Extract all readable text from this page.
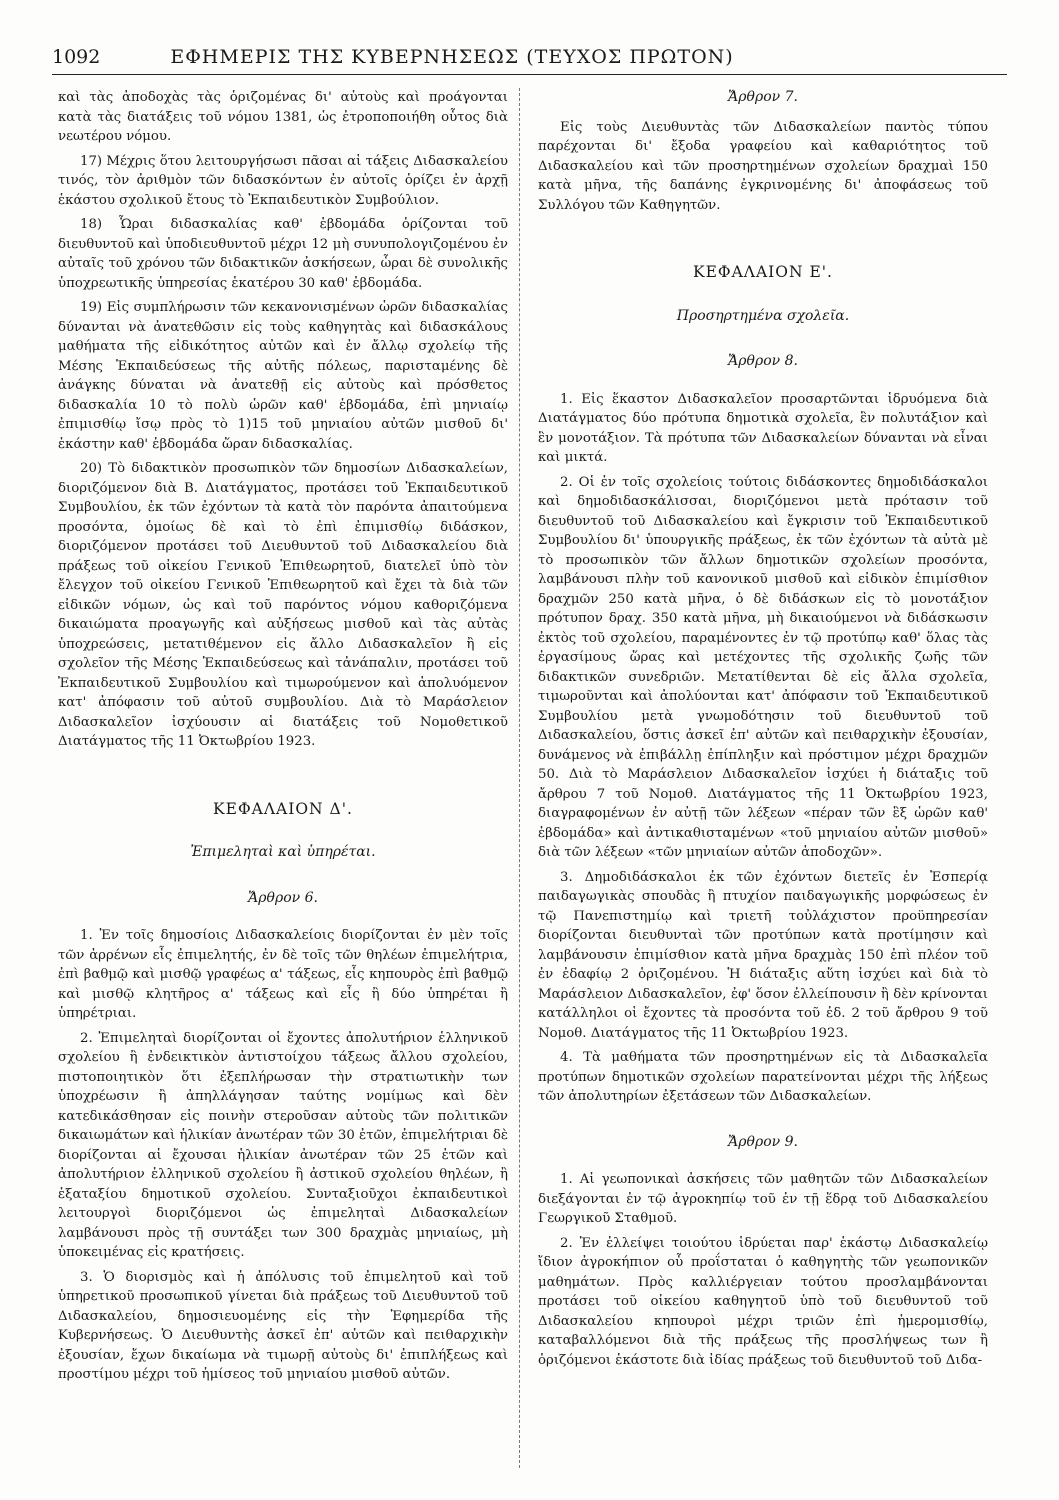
1092	ΕΦΗΜΕΡΙΣ ΤΗΣ ΚΥΒΕΡΝΗΣΕΩΣ (ΤΕΥΧΟΣ ΠΡΩΤΟΝ)

καὶ τὰς ἀποδοχὰς τὰς ὁριζομένας δι' αὐτοὺς καὶ προάγονται κατὰ τὰς διατάξεις τοῦ νόμου 1381, ὡς ἐτροποποιήθη οὗτος διὰ νεωτέρου νόμου.

17) Μέχρις ὅτου λειτουργήσωσι πᾶσαι αἱ τάξεις Διδασκαλείου τινός, τὸν ἀριθμὸν τῶν διδασκόντων ἐν αὐτοῖς ὁρίζει ἐν ἀρχῇ ἑκάστου σχολικοῦ ἔτους τὸ Ἐκπαιδευτικὸν Συμβούλιον.

18) Ὧραι διδασκαλίας καθ' ἑβδομάδα ὁρίζονται τοῦ διευθυντοῦ καὶ ὑποδιευθυντοῦ μέχρι 12 μὴ συνυπολογιζομένου ἐν αὐταῖς τοῦ χρόνου τῶν διδακτικῶν ἀσκήσεων, ὧραι δὲ συνολικῆς ὑποχρεωτικῆς ὑπηρεσίας ἑκατέρου 30 καθ' ἑβδομάδα.

19) Εἰς συμπλήρωσιν τῶν κεκανονισμένων ὡρῶν διδασκαλίας δύνανται νὰ ἀνατεθῶσιν εἰς τοὺς καθηγητὰς καὶ διδασκάλους μαθήματα τῆς εἰδικότητος αὐτῶν καὶ ἐν ἄλλῳ σχολείῳ τῆς Μέσης Ἐκπαιδεύσεως τῆς αὐτῆς πόλεως, παρισταμένης δὲ ἀνάγκης δύναται νὰ ἀνατεθῇ εἰς αὐτοὺς καὶ πρόσθετος διδασκαλία 10 τὸ πολὺ ὡρῶν καθ' ἑβδομάδα, ἐπὶ μηνιαίῳ ἐπιμισθίῳ ἴσῳ πρὸς τὸ 1)15 τοῦ μηνιαίου αὐτῶν μισθοῦ δι' ἑκάστην καθ' ἑβδομάδα ὥραν διδασκαλίας.

20) Τὸ διδακτικὸν προσωπικὸν τῶν δημοσίων Διδασκαλείων, διοριζόμενον διὰ Β. Διατάγματος, προτάσει τοῦ Ἐκπαιδευτικοῦ Συμβουλίου, ἐκ τῶν ἐχόντων τὰ κατὰ τὸν παρόντα ἀπαιτούμενα προσόντα, ὁμοίως δὲ καὶ τὸ ἐπὶ ἐπιμισθίῳ διδάσκον, διοριζόμενον προτάσει τοῦ Διευθυντοῦ τοῦ Διδασκαλείου διὰ πράξεως τοῦ οἰκείου Γενικοῦ Ἐπιθεωρητοῦ, διατελεῖ ὑπὸ τὸν ἔλεγχον τοῦ οἰκείου Γενικοῦ Ἐπιθεωρητοῦ καὶ ἔχει τὰ διὰ τῶν εἰδικῶν νόμων, ὡς καὶ τοῦ παρόντος νόμου καθοριζόμενα δικαιώματα προαγωγῆς καὶ αὐξήσεως μισθοῦ καὶ τὰς αὐτὰς ὑποχρεώσεις, μετατιθέμενον εἰς ἄλλο Διδασκαλεῖον ἢ εἰς σχολεῖον τῆς Μέσης Ἐκπαιδεύσεως καὶ τἀνάπαλιν, προτάσει τοῦ Ἐκπαιδευτικοῦ Συμβουλίου καὶ τιμωρούμενον καὶ ἀπολυόμενον κατ' ἀπόφασιν τοῦ αὐτοῦ συμβουλίου. Διὰ τὸ Μαράσλειον Διδασκαλεῖον ἰσχύουσιν αἱ διατάξεις τοῦ Νομοθετικοῦ Διατάγματος τῆς 11 Ὀκτωβρίου 1923.

ΚΕΦΑΛΑΙΟΝ Δ'.
Ἐπιμεληταὶ καὶ ὑπηρέται.
Ἄρθρον 6.

1. Ἐν τοῖς δημοσίοις Διδασκαλείοις διορίζονται ἐν μὲν τοῖς τῶν ἀρρένων εἷς ἐπιμελητής, ἐν δὲ τοῖς τῶν θηλέων ἐπιμελήτρια, ἐπὶ βαθμῷ καὶ μισθῷ γραφέως α' τάξεως, εἷς κηπουρὸς ἐπὶ βαθμῷ καὶ μισθῷ κλητῆρος α' τάξεως καὶ εἷς ἢ δύο ὑπηρέται ἢ ὑπηρέτριαι.

2. Ἐπιμεληταὶ διορίζονται οἱ ἔχοντες ἀπολυτήριον ἑλληνικοῦ σχολείου ἢ ἐνδεικτικὸν ἀντιστοίχου τάξεως ἄλλου σχολείου, πιστοποιητικὸν ὅτι ἐξεπλήρωσαν τὴν στρατιωτικὴν των ὑποχρέωσιν ἢ ἀπηλλάγησαν ταύτης νομίμως καὶ δὲν κατεδικάσθησαν εἰς ποινὴν στεροῦσαν αὐτοὺς τῶν πολιτικῶν δικαιωμάτων καὶ ἡλικίαν ἀνωτέραν τῶν 30 ἐτῶν, ἐπιμελήτριαι δὲ διορίζονται αἱ ἔχουσαι ἡλικίαν ἀνωτέραν τῶν 25 ἐτῶν καὶ ἀπολυτήριον ἑλληνικοῦ σχολείου ἢ ἀστικοῦ σχολείου θηλέων, ἢ ἑξαταξίου δημοτικοῦ σχολείου. Συνταξιοῦχοι ἐκπαιδευτικοὶ λειτουργοὶ διοριζόμενοι ὡς ἐπιμεληταὶ Διδασκαλείων λαμβάνουσι πρὸς τῇ συντάξει των 300 δραχμὰς μηνιαίως, μὴ ὑποκειμένας εἰς κρατήσεις.

3. Ὁ διορισμὸς καὶ ἡ ἀπόλυσις τοῦ ἐπιμελητοῦ καὶ τοῦ ὑπηρετικοῦ προσωπικοῦ γίνεται διὰ πράξεως τοῦ Διευθυντοῦ τοῦ Διδασκαλείου, δημοσιευομένης εἰς τὴν Ἐφημερίδα τῆς Κυβερνήσεως. Ὁ Διευθυντὴς ἀσκεῖ ἐπ' αὐτῶν καὶ πειθαρχικὴν ἐξουσίαν, ἔχων δικαίωμα νὰ τιμωρῇ αὐτοὺς δι' ἐπιπλήξεως καὶ προστίμου μέχρι τοῦ ἡμίσεος τοῦ μηνιαίου μισθοῦ αὐτῶν.

Ἄρθρον 7.

Εἰς τοὺς Διευθυντὰς τῶν Διδασκαλείων παντὸς τύπου παρέχονται δι' ἔξοδα γραφείου καὶ καθαριότητος τοῦ Διδασκαλείου καὶ τῶν προσηρτημένων σχολείων δραχμαὶ 150 κατὰ μῆνα, τῆς δαπάνης ἐγκρινομένης δι' ἀποφάσεως τοῦ Συλλόγου τῶν Καθηγητῶν.

ΚΕΦΑΛΑΙΟΝ Ε'.
Προσηρτημένα σχολεῖα.
Ἄρθρον 8.

1. Εἰς ἕκαστον Διδασκαλεῖον προσαρτῶνται ἱδρυόμενα διὰ Διατάγματος δύο πρότυπα δημοτικὰ σχολεῖα, ἓν πολυτάξιον καὶ ἓν μονοτάξιον. Τὰ πρότυπα τῶν Διδασκαλείων δύνανται νὰ εἶναι καὶ μικτά.

2. Οἱ ἐν τοῖς σχολείοις τούτοις διδάσκοντες δημοδιδάσκαλοι καὶ δημοδιδασκάλισσαι, διοριζόμενοι μετὰ πρότασιν τοῦ διευθυντοῦ τοῦ Διδασκαλείου καὶ ἔγκρισιν τοῦ Ἐκπαιδευτικοῦ Συμβουλίου δι' ὑπουργικῆς πράξεως, ἐκ τῶν ἐχόντων τὰ αὐτὰ μὲ τὸ προσωπικὸν τῶν ἄλλων δημοτικῶν σχολείων προσόντα, λαμβάνουσι πλὴν τοῦ κανονικοῦ μισθοῦ καὶ εἰδικὸν ἐπιμίσθιον δραχμῶν 250 κατὰ μῆνα, ὁ δὲ διδάσκων εἰς τὸ μονοτάξιον πρότυπον δραχ. 350 κατὰ μῆνα, μὴ δικαιούμενοι νὰ διδάσκωσιν ἐκτὸς τοῦ σχολείου, παραμένοντες ἐν τῷ προτύπῳ καθ' ὅλας τὰς ἐργασίμους ὥρας καὶ μετέχοντες τῆς σχολικῆς ζωῆς τῶν διδακτικῶν συνεδριῶν. Μετατίθενται δὲ εἰς ἄλλα σχολεῖα, τιμωροῦνται καὶ ἀπολύονται κατ' ἀπόφασιν τοῦ Ἐκπαιδευτικοῦ Συμβουλίου μετὰ γνωμοδότησιν τοῦ διευθυντοῦ τοῦ Διδασκαλείου, ὅστις ἀσκεῖ ἐπ' αὐτῶν καὶ πειθαρχικὴν ἐξουσίαν, δυνάμενος νὰ ἐπιβάλλῃ ἐπίπληξιν καὶ πρόστιμον μέχρι δραχμῶν 50. Διὰ τὸ Μαράσλειον Διδασκαλεῖον ἰσχύει ἡ διάταξις τοῦ ἄρθρου 7 τοῦ Νομοθ. Διατάγματος τῆς 11 Ὀκτωβρίου 1923, διαγραφομένων ἐν αὐτῇ τῶν λέξεων «πέραν τῶν ἓξ ὡρῶν καθ' ἑβδομάδα» καὶ ἀντικαθισταμένων «τοῦ μηνιαίου αὐτῶν μισθοῦ» διὰ τῶν λέξεων «τῶν μηνιαίων αὐτῶν ἀποδοχῶν».

3. Δημοδιδάσκαλοι ἐκ τῶν ἐχόντων διετεῖς ἐν Ἑσπερίᾳ παιδαγωγικὰς σπουδὰς ἢ πτυχίον παιδαγωγικῆς μορφώσεως ἐν τῷ Πανεπιστημίῳ καὶ τριετῆ τοὐλάχιστον προϋπηρεσίαν διορίζονται διευθυνταὶ τῶν προτύπων κατὰ προτίμησιν καὶ λαμβάνουσιν ἐπιμίσθιον κατὰ μῆνα δραχμὰς 150 ἐπὶ πλέον τοῦ ἐν ἐδαφίῳ 2 ὁριζομένου. Ἡ διάταξις αὕτη ἰσχύει καὶ διὰ τὸ Μαράσλειον Διδασκαλεῖον, ἐφ' ὅσον ἐλλείπουσιν ἢ δὲν κρίνονται κατάλληλοι οἱ ἔχοντες τὰ προσόντα τοῦ ἐδ. 2 τοῦ ἄρθρου 9 τοῦ Νομοθ. Διατάγματος τῆς 11 Ὀκτωβρίου 1923.

4. Τὰ μαθήματα τῶν προσηρτημένων εἰς τὰ Διδασκαλεῖα προτύπων δημοτικῶν σχολείων παρατείνονται μέχρι τῆς λήξεως τῶν ἀπολυτηρίων ἐξετάσεων τῶν Διδασκαλείων.

Ἄρθρον 9.

1. Αἱ γεωπονικαὶ ἀσκήσεις τῶν μαθητῶν τῶν Διδασκαλείων διεξάγονται ἐν τῷ ἀγροκηπίῳ τοῦ ἐν τῇ ἕδρᾳ τοῦ Διδασκαλείου Γεωργικοῦ Σταθμοῦ.

2. Ἐν ἐλλείψει τοιούτου ἱδρύεται παρ' ἑκάστῳ Διδασκαλείῳ ἴδιον ἀγροκήπιον οὗ προΐσταται ὁ καθηγητὴς τῶν γεωπονικῶν μαθημάτων. Πρὸς καλλιέργειαν τούτου προσλαμβάνονται προτάσει τοῦ οἰκείου καθηγητοῦ ὑπὸ τοῦ διευθυντοῦ τοῦ Διδασκαλείου κηπουροὶ μέχρι τριῶν ἐπὶ ἡμερομισθίῳ, καταβαλλόμενοι διὰ τῆς πράξεως τῆς προσλήψεως των ἢ ὁριζόμενοι ἑκάστοτε διὰ ἰδίας πράξεως τοῦ διευθυντοῦ τοῦ Διδα-
